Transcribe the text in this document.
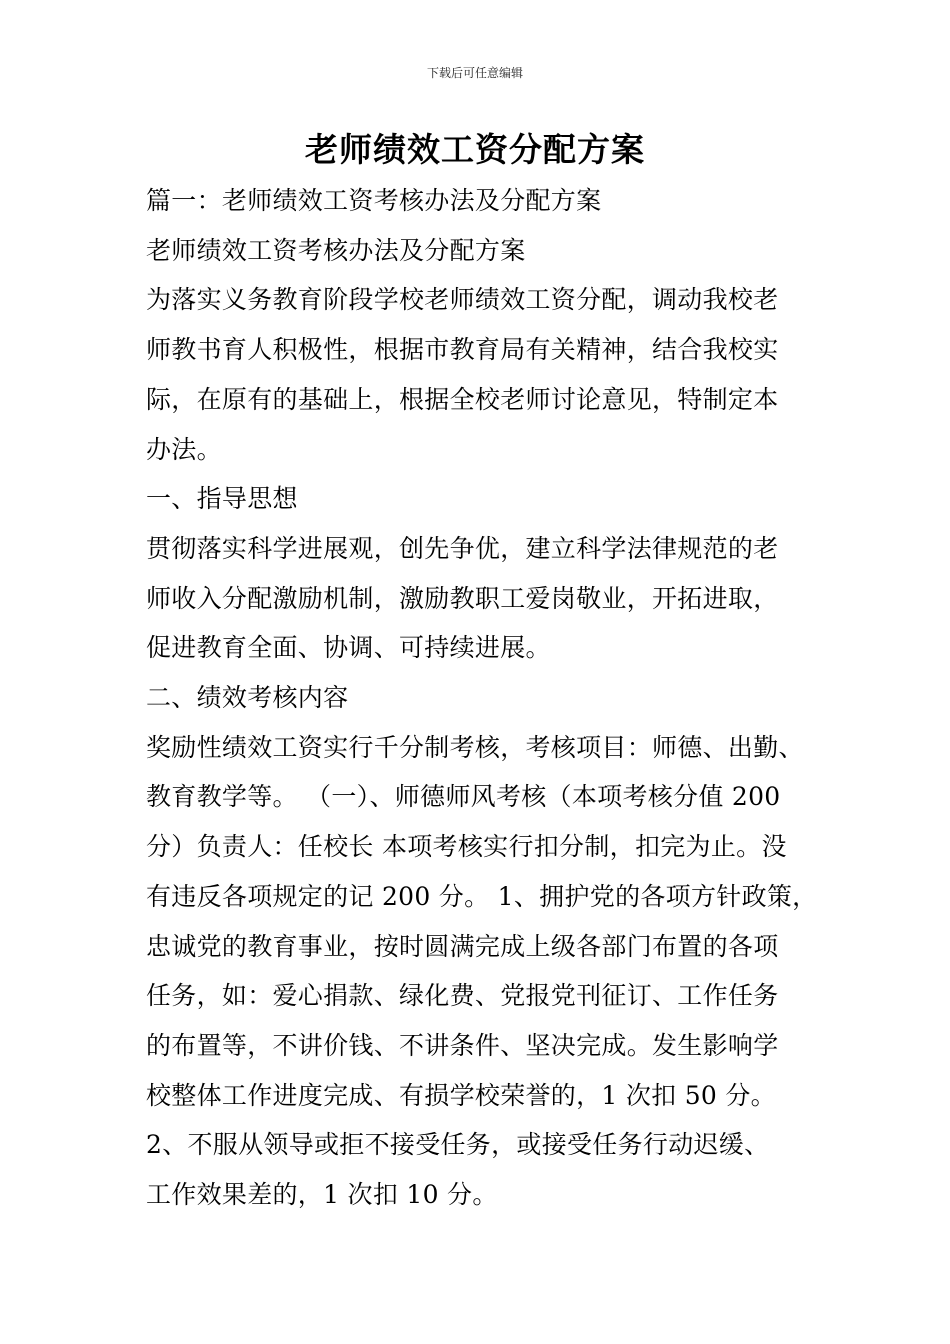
下载后可任意编辑
老师绩效工资分配方案
篇一：老师绩效工资考核办法及分配方案
老师绩效工资考核办法及分配方案
为落实义务教育阶段学校老师绩效工资分配，调动我校老
师教书育人积极性，根据市教育局有关精神，结合我校实
际，在原有的基础上，根据全校老师讨论意见，特制定本
办法。
一、指导思想
贯彻落实科学进展观，创先争优，建立科学法律规范的老
师收入分配激励机制，激励教职工爱岗敬业，开拓进取，
促进教育全面、协调、可持续进展。
二、绩效考核内容
奖励性绩效工资实行千分制考核，考核项目：师德、出勤、
教育教学等。 （一）、师德师风考核（本项考核分值 200
分）负责人：任校长 本项考核实行扣分制，扣完为止。没
有违反各项规定的记 200 分。 1、拥护党的各项方针政策，
忠诚党的教育事业，按时圆满完成上级各部门布置的各项
任务，如：爱心捐款、绿化费、党报党刊征订、工作任务
的布置等，不讲价钱、不讲条件、坚决完成。发生影响学
校整体工作进度完成、有损学校荣誉的，1 次扣 50 分。
2、不服从领导或拒不接受任务，或接受任务行动迟缓、
工作效果差的，1 次扣 10 分。
